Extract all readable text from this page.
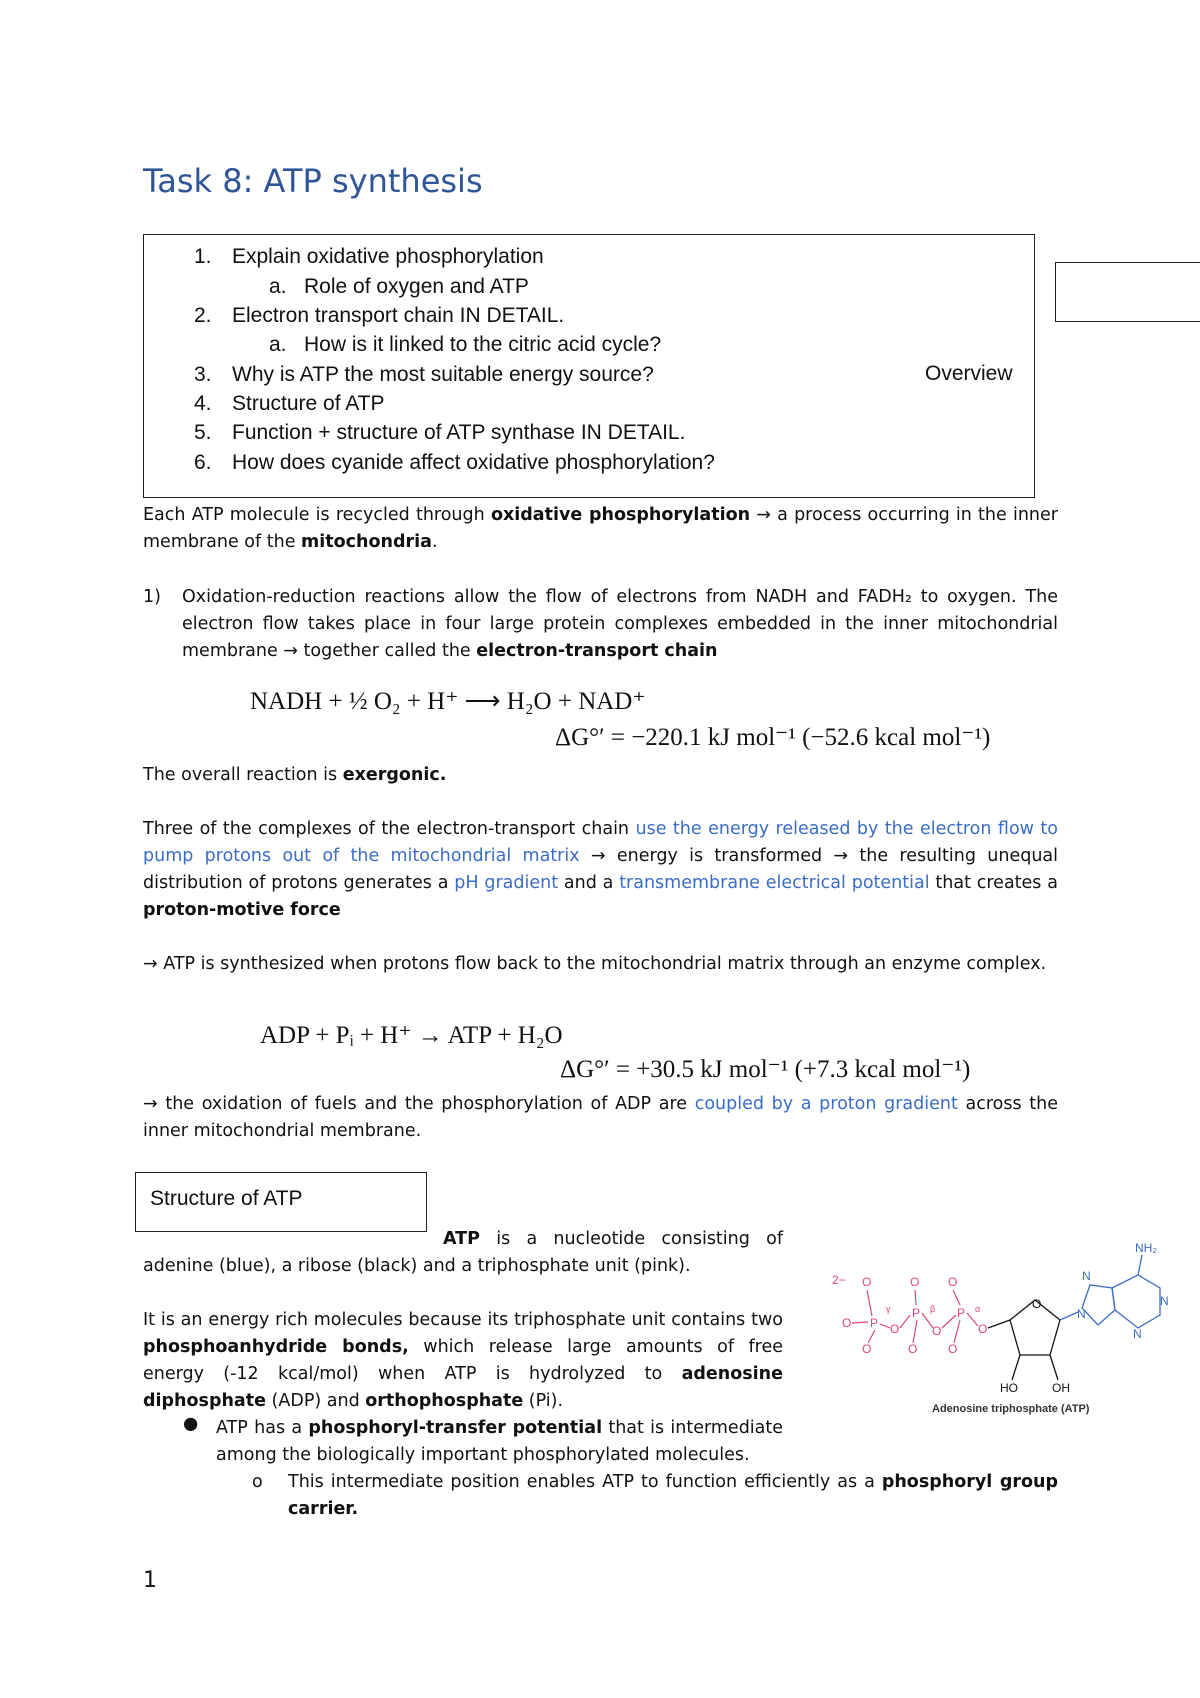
Task 8: ATP synthesis
1. Explain oxidative phosphorylation
a. Role of oxygen and ATP
2. Electron transport chain IN DETAIL.
a. How is it linked to the citric acid cycle?
3. Why is ATP the most suitable energy source?
4. Structure of ATP
5. Function + structure of ATP synthase IN DETAIL.
6. How does cyanide affect oxidative phosphorylation?
Overview
Each ATP molecule is recycled through oxidative phosphorylation → a process occurring in the inner membrane of the mitochondria.
1)	Oxidation-reduction reactions allow the flow of electrons from NADH and FADH₂ to oxygen. The electron flow takes place in four large protein complexes embedded in the inner mitochondrial membrane → together called the electron-transport chain
NADH + ½ O₂ + H⁺ ⟶ H₂O + NAD⁺
ΔG°′ = −220.1 kJ mol⁻¹ (−52.6 kcal mol⁻¹)
The overall reaction is exergonic.
Three of the complexes of the electron-transport chain use the energy released by the electron flow to pump protons out of the mitochondrial matrix → energy is transformed → the resulting unequal distribution of protons generates a pH gradient and a transmembrane electrical potential that creates a proton-motive force
→ ATP is synthesized when protons flow back to the mitochondrial matrix through an enzyme complex.
ADP + Pᵢ + H⁺ → ATP + H₂O
ΔG°′ = +30.5 kJ mol⁻¹ (+7.3 kcal mol⁻¹)
→ the oxidation of fuels and the phosphorylation of ADP are coupled by a proton gradient across the inner mitochondrial membrane.
Structure of ATP
ATP is a nucleotide consisting of adenine (blue), a ribose (black) and a triphosphate unit (pink).
It is an energy rich molecules because its triphosphate unit contains two phosphoanhydride bonds, which release large amounts of free energy (-12 kcal/mol) when ATP is hydrolyzed to adenosine diphosphate (ADP) and orthophosphate (Pi).
● ATP has a phosphoryl-transfer potential that is intermediate among the biologically important phosphorylated molecules.
o This intermediate position enables ATP to function efficiently as a phosphoryl group carrier.
2− O	O O
O P O
P
O
P
O
O	O	O
γ	β	α	O
HO	OH
N
N
N
N
NH₂
Adenosine triphosphate (ATP)
1
